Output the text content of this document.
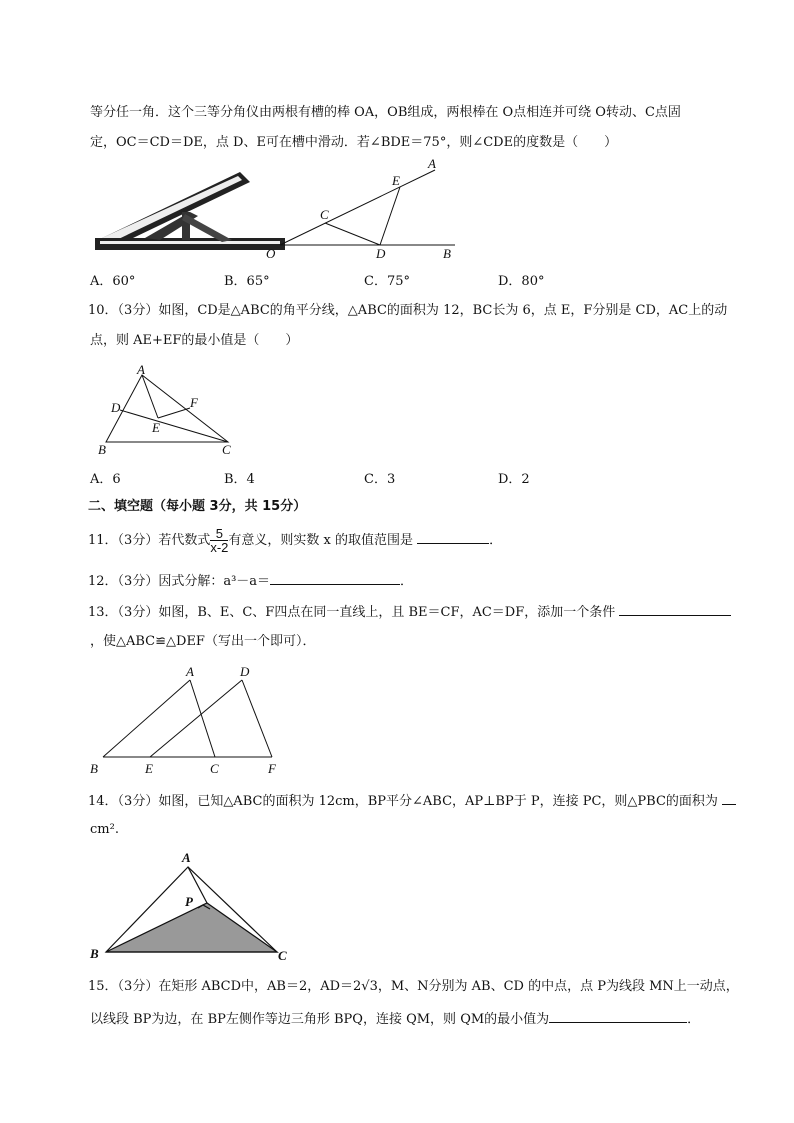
等分任一角．这个三等分角仪由两根有槽的棒 OA，OB组成，两根棒在 O点相连并可绕 O转动、C点固
定，OC＝CD＝DE，点 D、E可在槽中滑动．若∠BDE＝75°，则∠CDE的度数是（　　）
A
B
C
D
E
O
A
B	C
D
E
F
A
B	C
D
E	F
A
B	C
P
A．60°	B．65°	C．75°	D．80°
10．（3分）如图，CD是△ABC的角平分线，△ABC的面积为 12，BC长为 6，点 E，F分别是 CD，AC上的动
点，则 AE+EF的最小值是（　　）
A．6	B．4	C．3	D．2
二、填空题（每小题 3分，共 15分）
11．（3分）若代数式 $\frac{5}{x-2}$ 有意义，则实数 x 的取值范围是	．
12．（3分）因式分解：a³－a＝	．
13．（3分）如图，B、E、C、F四点在同一直线上，且 BE＝CF，AC＝DF，添加一个条件
，使△ABC≌△DEF（写出一个即可）．
14．（3分）如图，已知△ABC的面积为 12cm，BP平分∠ABC，AP⊥BP于 P，连接 PC，则△PBC的面积为
cm².
15．（3分）在矩形 ABCD中，AB＝2，AD＝2√3，M、N分别为 AB、CD 的中点，点 P为线段 MN上一动点，
以线段 BP为边，在 BP左侧作等边三角形 BPQ，连接 QM，则 QM的最小值为	．
